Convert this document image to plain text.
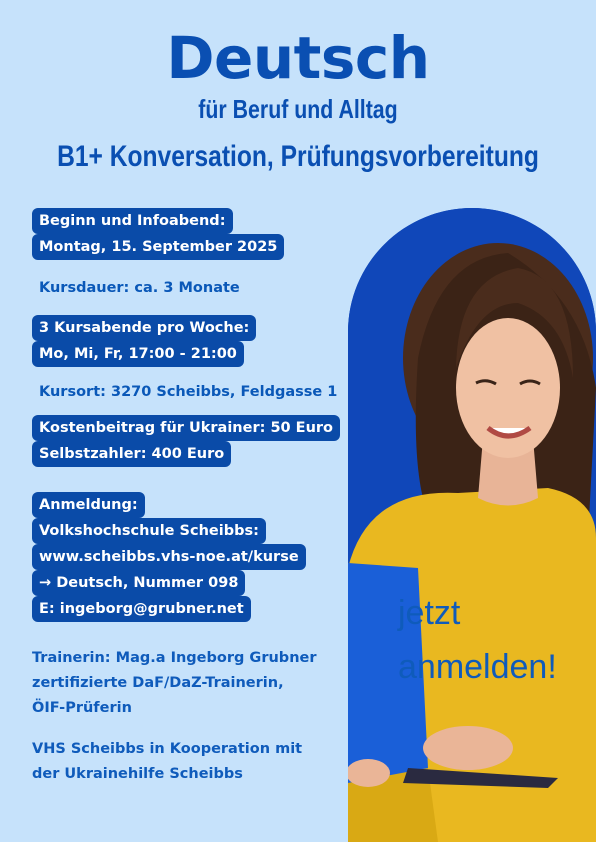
Deutsch
für Beruf und Alltag
B1+ Konversation, Prüfungsvorbereitung
Beginn und Infoabend:
Montag, 15. September 2025
Kursdauer: ca. 3 Monate
3 Kursabende pro Woche:
Mo, Mi, Fr, 17:00 - 21:00
Kursort: 3270 Scheibbs, Feldgasse 1
Kostenbeitrag für Ukrainer: 50 Euro
Selbstzahler: 400 Euro
Anmeldung:
Volkshochschule Scheibbs:
www.scheibbs.vhs-noe.at/kurse
→ Deutsch, Nummer 098
E: ingeborg@grubner.net
Trainerin: Mag.a Ingeborg Grubner
zertifizierte DaF/DaZ-Trainerin,
ÖIF-Prüferin
VHS Scheibbs in Kooperation mit
der Ukrainehilfe Scheibbs
jetzt
anmelden!
